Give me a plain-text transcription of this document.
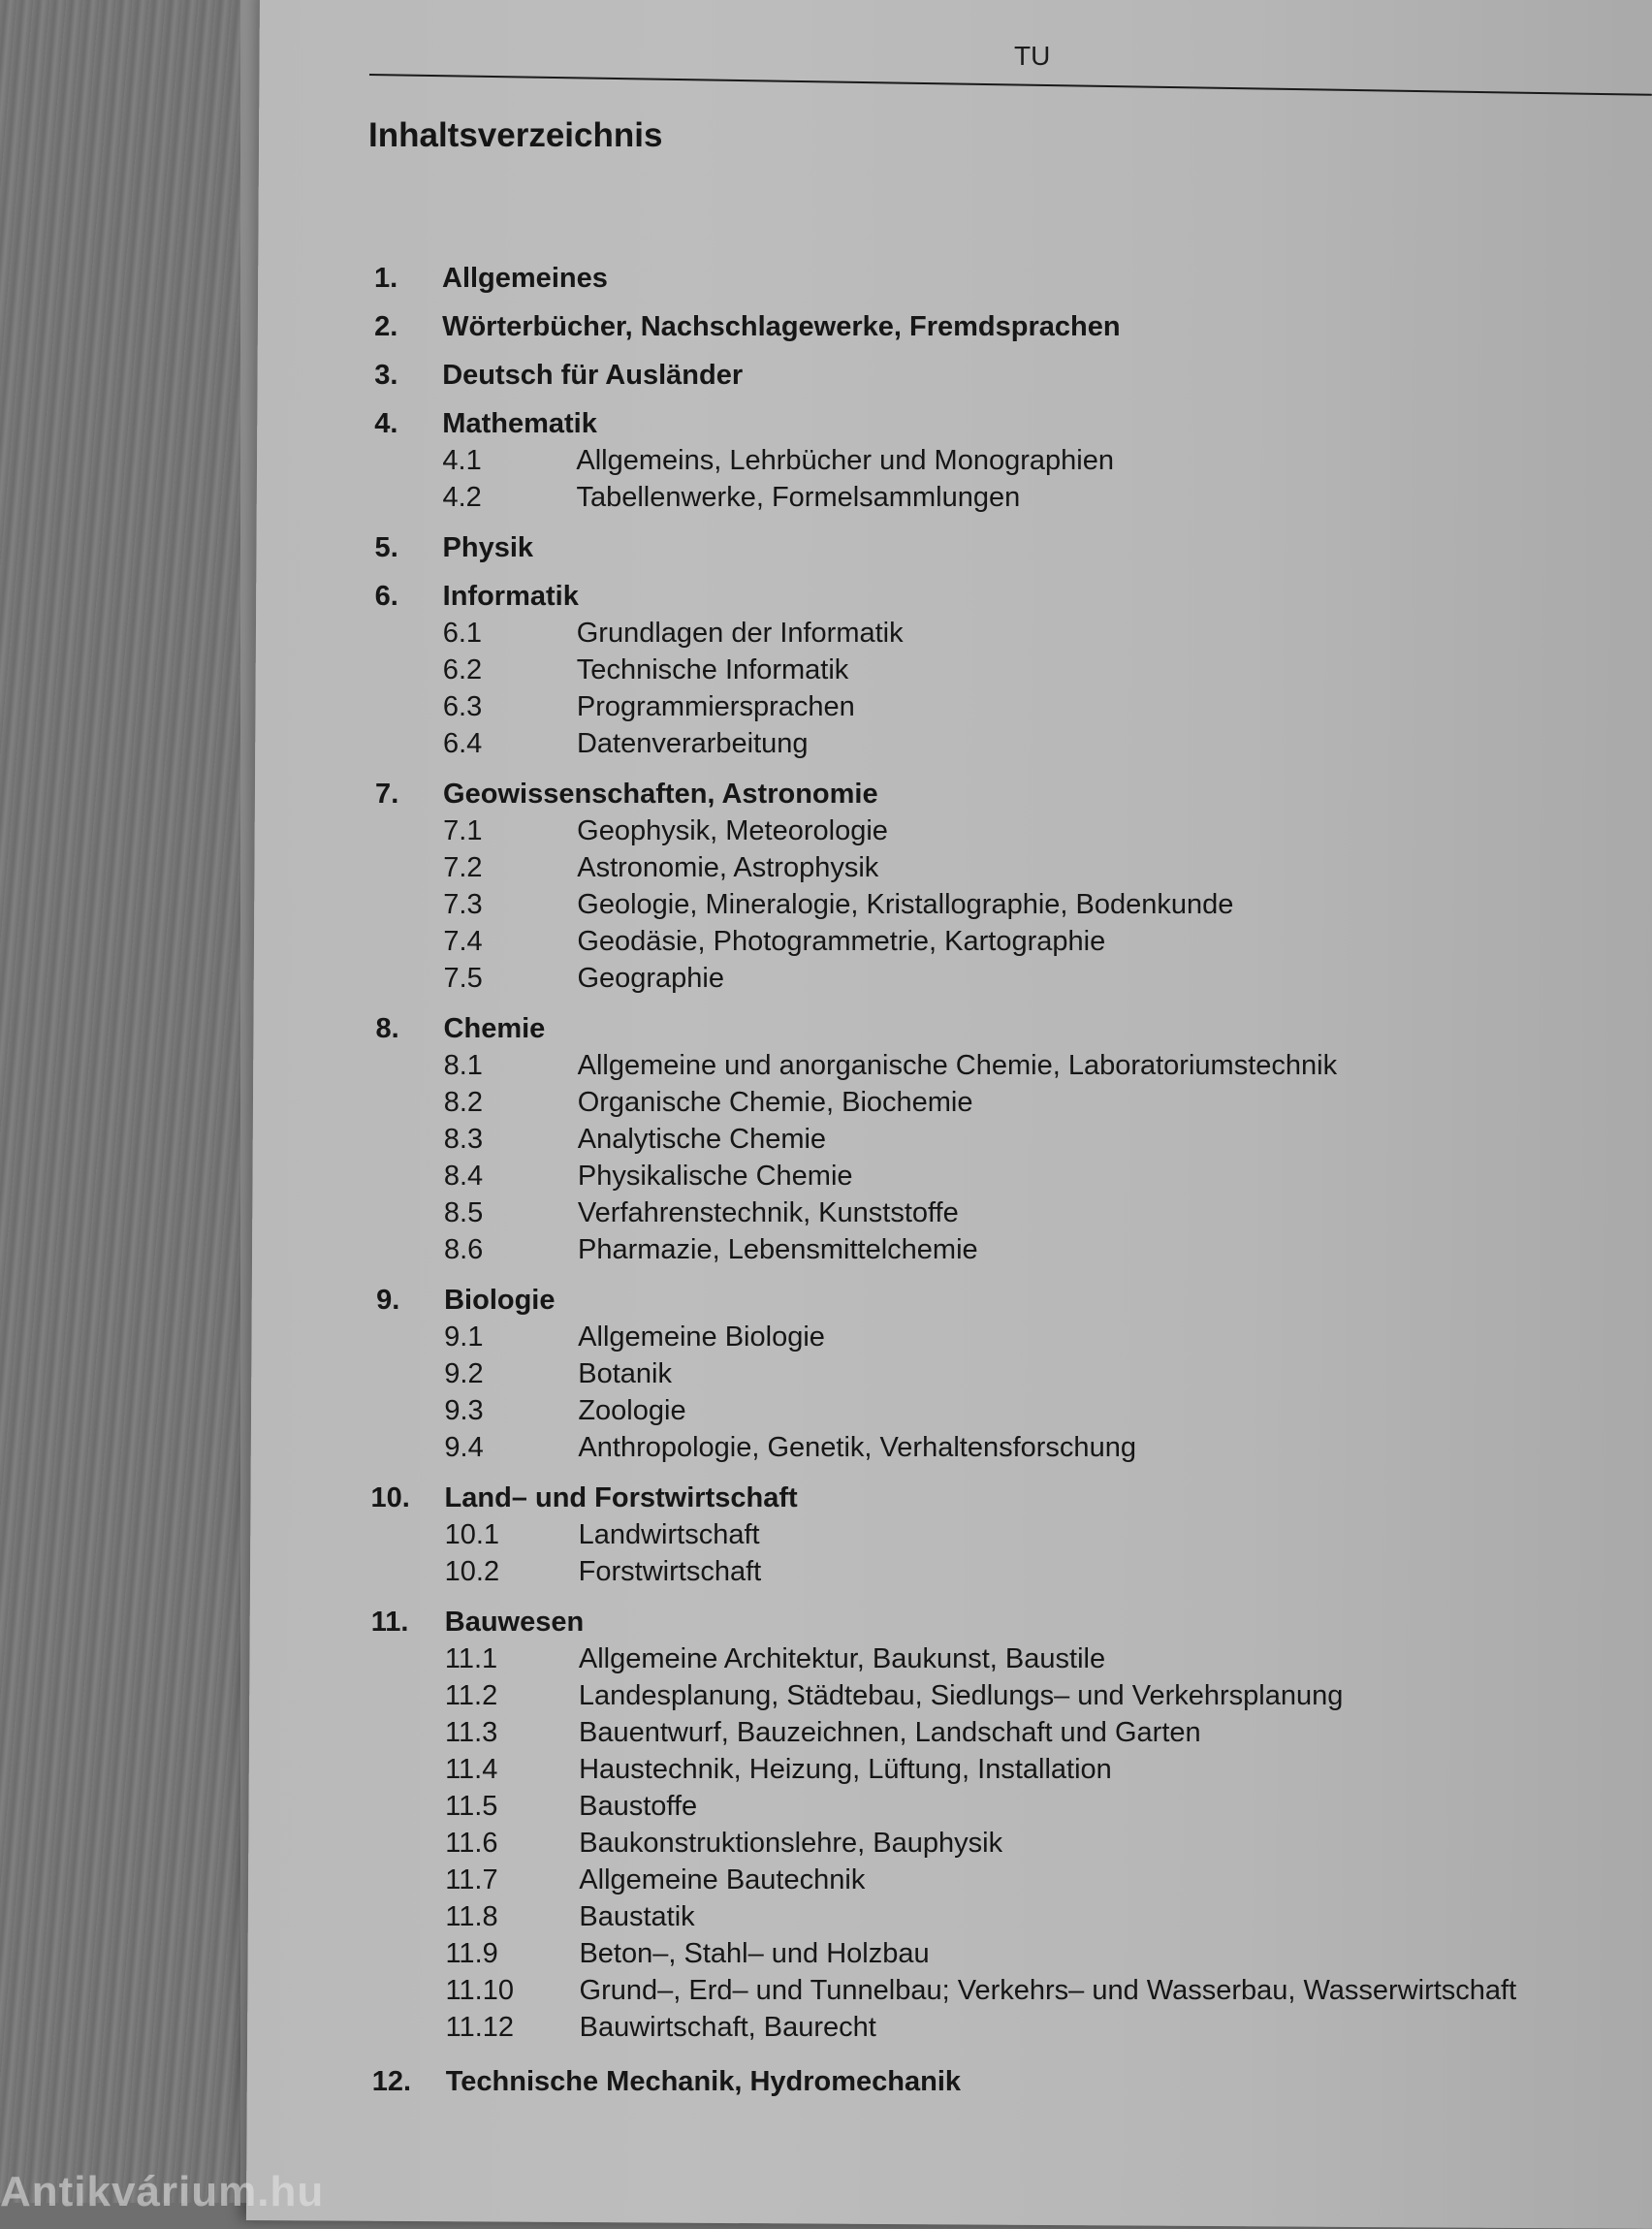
TU
Inhaltsverzeichnis
1. Allgemeines
2. Wörterbücher, Nachschlagewerke, Fremdsprachen
3. Deutsch für Ausländer
4. Mathematik
4.1	Allgemeins, Lehrbücher und Monographien
4.2	Tabellenwerke, Formelsammlungen
5. Physik
6. Informatik
6.1	Grundlagen der Informatik
6.2	Technische Informatik
6.3	Programmiersprachen
6.4	Datenverarbeitung
7. Geowissenschaften, Astronomie
7.1	Geophysik, Meteorologie
7.2	Astronomie, Astrophysik
7.3	Geologie, Mineralogie, Kristallographie, Bodenkunde
7.4	Geodäsie, Photogrammetrie, Kartographie
7.5	Geographie
8. Chemie
8.1	Allgemeine und anorganische Chemie, Laboratoriumstechnik
8.2	Organische Chemie, Biochemie
8.3	Analytische Chemie
8.4	Physikalische Chemie
8.5	Verfahrenstechnik, Kunststoffe
8.6	Pharmazie, Lebensmittelchemie
9. Biologie
9.1	Allgemeine Biologie
9.2	Botanik
9.3	Zoologie
9.4	Anthropologie, Genetik, Verhaltensforschung
10. Land– und Forstwirtschaft
10.1	Landwirtschaft
10.2	Forstwirtschaft
11. Bauwesen
11.1	Allgemeine Architektur, Baukunst, Baustile
11.2	Landesplanung, Städtebau, Siedlungs– und Verkehrsplanung
11.3	Bauentwurf, Bauzeichnen, Landschaft und Garten
11.4	Haustechnik, Heizung, Lüftung, Installation
11.5	Baustoffe
11.6	Baukonstruktionslehre, Bauphysik
11.7	Allgemeine Bautechnik
11.8	Baustatik
11.9	Beton–, Stahl– und Holzbau
11.10 Grund–, Erd– und Tunnelbau; Verkehrs– und Wasserbau, Wasserwirtschaft
11.12 Bauwirtschaft, Baurecht
12. Technische Mechanik, Hydromechanik
Antikvárium.hu
